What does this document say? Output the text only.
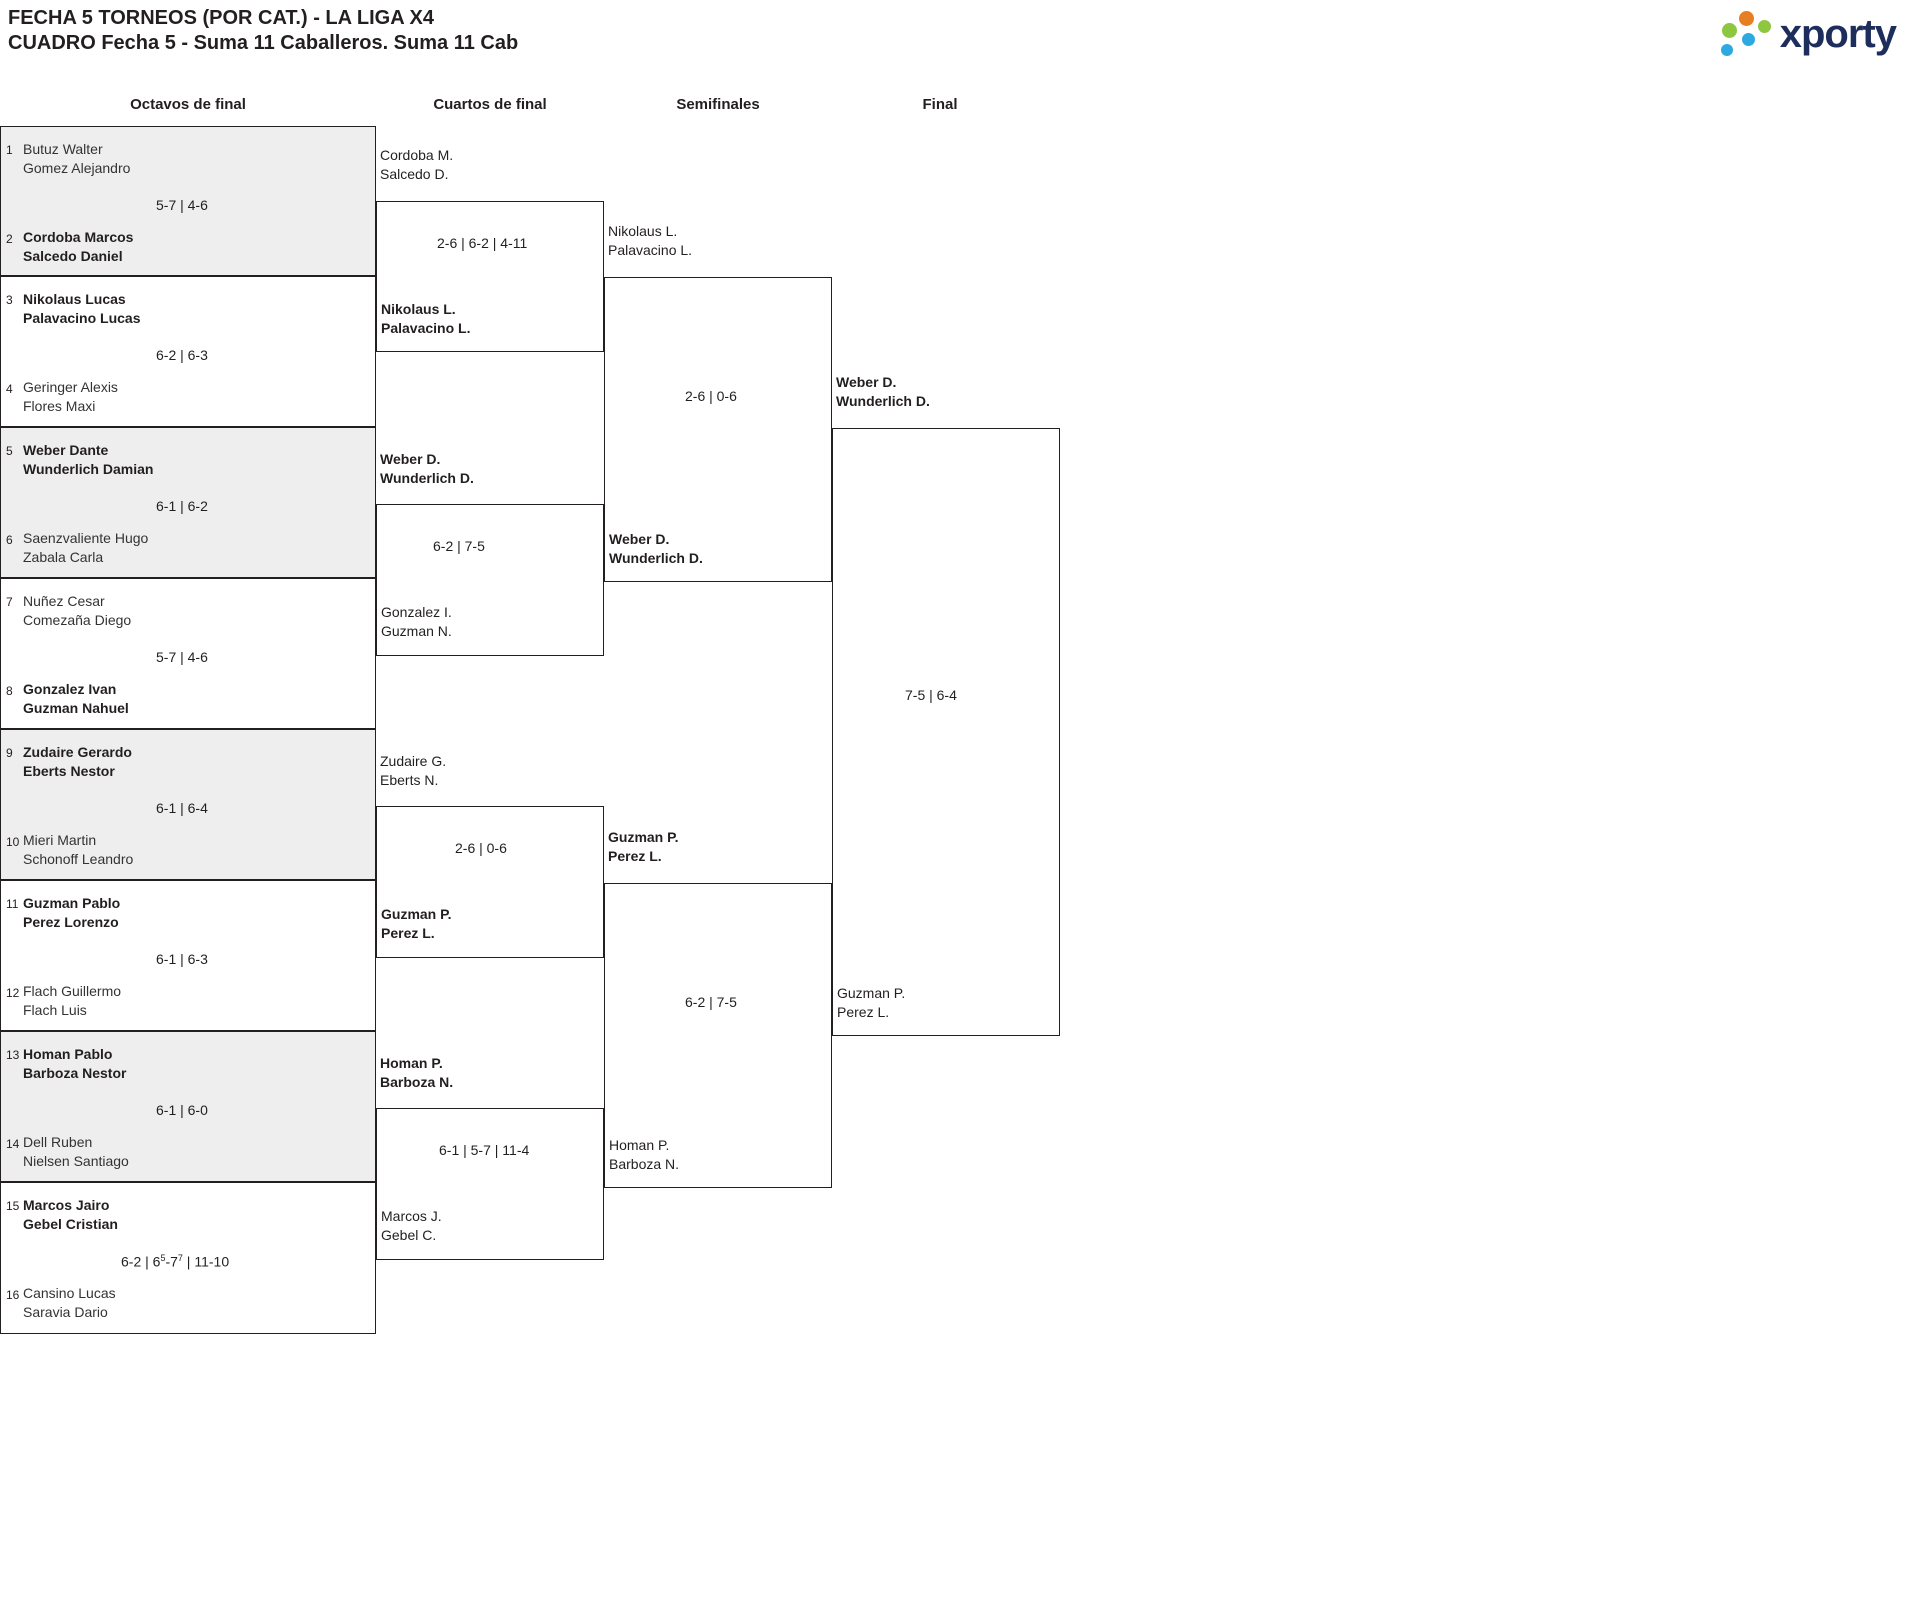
FECHA 5 TORNEOS (POR CAT.) - LA LIGA X4
CUADRO Fecha 5 - Suma 11 Caballeros. Suma 11 Cab	xporty
Octavos de final	Cuartos de final	Semifinales	Final
1 Butuz Walter
Gomez Alejandro
5-7 | 4-6
2 Cordoba Marcos
Salcedo Daniel
3 Nikolaus Lucas
Palavacino Lucas
6-2 | 6-3
4 Geringer Alexis
Flores Maxi
5 Weber Dante
Wunderlich Damian
6-1 | 6-2
6 Saenzvaliente Hugo
Zabala Carla
7 Nuñez Cesar
Comezaña Diego
5-7 | 4-6
8 Gonzalez Ivan
Guzman Nahuel
9 Zudaire Gerardo
Eberts Nestor
6-1 | 6-4
10 Mieri Martin
Schonoff Leandro
11 Guzman Pablo
Perez Lorenzo
6-1 | 6-3
12 Flach Guillermo
Flach Luis
13 Homan Pablo
Barboza Nestor
6-1 | 6-0
14 Dell Ruben
Nielsen Santiago
15 Marcos Jairo
Gebel Cristian
6-2 | $6^5-7^7$ | 11-10
16 Cansino Lucas
Saravia Dario
Cordoba M.
Salcedo D.
2-6 | 6-2 | 4-11
Nikolaus L.
Palavacino L.
Weber D.
Wunderlich D.
6-2 | 7-5
Gonzalez I.
Guzman N.
Zudaire G.
Eberts N.
2-6 | 0-6
Guzman P.
Perez L.
Homan P.
Barboza N.
6-1 | 5-7 | 11-4
Marcos J.
Gebel C.
Nikolaus L.
Palavacino L.
2-6 | 0-6
Weber D.
Wunderlich D.
Guzman P.
Perez L.
6-2 | 7-5
Homan P.
Barboza N.
Weber D.
Wunderlich D.
7-5 | 6-4
Guzman P.
Perez L.
